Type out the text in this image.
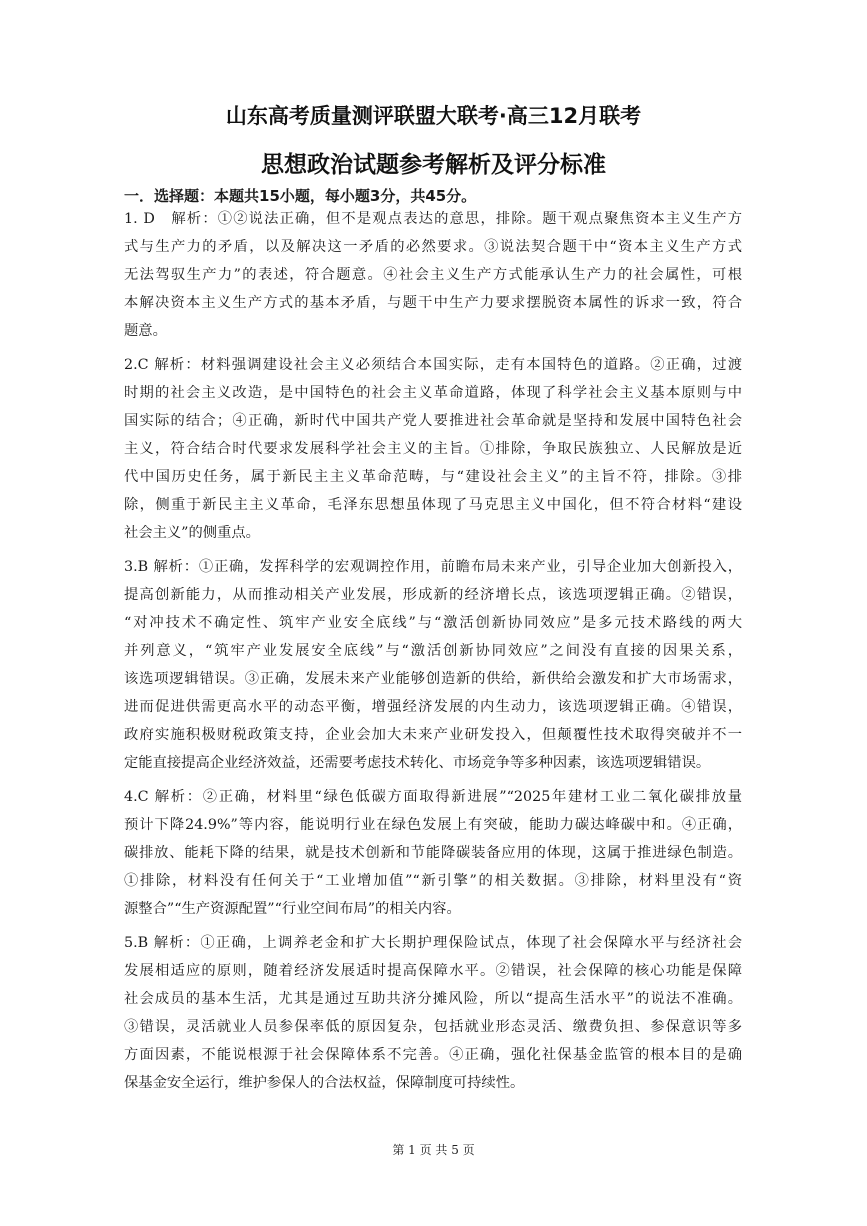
山东高考质量测评联盟大联考·高三12月联考
思想政治试题参考解析及评分标准
一．选择题：本题共15小题，每小题3分，共45分。
1. D　解析：①②说法正确，但不是观点表达的意思，排除。题干观点聚焦资本主义生产方
式与生产力的矛盾，以及解决这一矛盾的必然要求。③说法契合题干中“资本主义生产方式
无法驾驭生产力”的表述，符合题意。④社会主义生产方式能承认生产力的社会属性，可根
本解决资本主义生产方式的基本矛盾，与题干中生产力要求摆脱资本属性的诉求一致，符合
题意。
2.C 解析：材料强调建设社会主义必须结合本国实际，走有本国特色的道路。②正确，过渡
时期的社会主义改造，是中国特色的社会主义革命道路，体现了科学社会主义基本原则与中
国实际的结合；④正确，新时代中国共产党人要推进社会革命就是坚持和发展中国特色社会
主义，符合结合时代要求发展科学社会主义的主旨。①排除，争取民族独立、人民解放是近
代中国历史任务，属于新民主主义革命范畴，与“建设社会主义”的主旨不符，排除。③排
除，侧重于新民主主义革命，毛泽东思想虽体现了马克思主义中国化，但不符合材料“建设
社会主义”的侧重点。
3.B 解析：①正确，发挥科学的宏观调控作用，前瞻布局未来产业，引导企业加大创新投入，
提高创新能力，从而推动相关产业发展，形成新的经济增长点，该选项逻辑正确。②错误，
“对冲技术不确定性、筑牢产业安全底线”与“激活创新协同效应”是多元技术路线的两大
并列意义，“筑牢产业发展安全底线”与“激活创新协同效应”之间没有直接的因果关系，
该选项逻辑错误。③正确，发展未来产业能够创造新的供给，新供给会激发和扩大市场需求，
进而促进供需更高水平的动态平衡，增强经济发展的内生动力，该选项逻辑正确。④错误，
政府实施积极财税政策支持，企业会加大未来产业研发投入，但颠覆性技术取得突破并不一
定能直接提高企业经济效益，还需要考虑技术转化、市场竞争等多种因素，该选项逻辑错误。
4.C 解析：②正确，材料里“绿色低碳方面取得新进展”“2025年建材工业二氧化碳排放量
预计下降24.9%”等内容，能说明行业在绿色发展上有突破，能助力碳达峰碳中和。④正确，
碳排放、能耗下降的结果，就是技术创新和节能降碳装备应用的体现，这属于推进绿色制造。
①排除，材料没有任何关于“工业增加值”“新引擎”的相关数据。③排除，材料里没有“资
源整合”“生产资源配置”“行业空间布局”的相关内容。
5.B 解析：①正确，上调养老金和扩大长期护理保险试点，体现了社会保障水平与经济社会
发展相适应的原则，随着经济发展适时提高保障水平。②错误，社会保障的核心功能是保障
社会成员的基本生活，尤其是通过互助共济分摊风险，所以“提高生活水平”的说法不准确。
③错误，灵活就业人员参保率低的原因复杂，包括就业形态灵活、缴费负担、参保意识等多
方面因素，不能说根源于社会保障体系不完善。④正确，强化社保基金监管的根本目的是确
保基金安全运行，维护参保人的合法权益，保障制度可持续性。
第 1 页 共 5 页
